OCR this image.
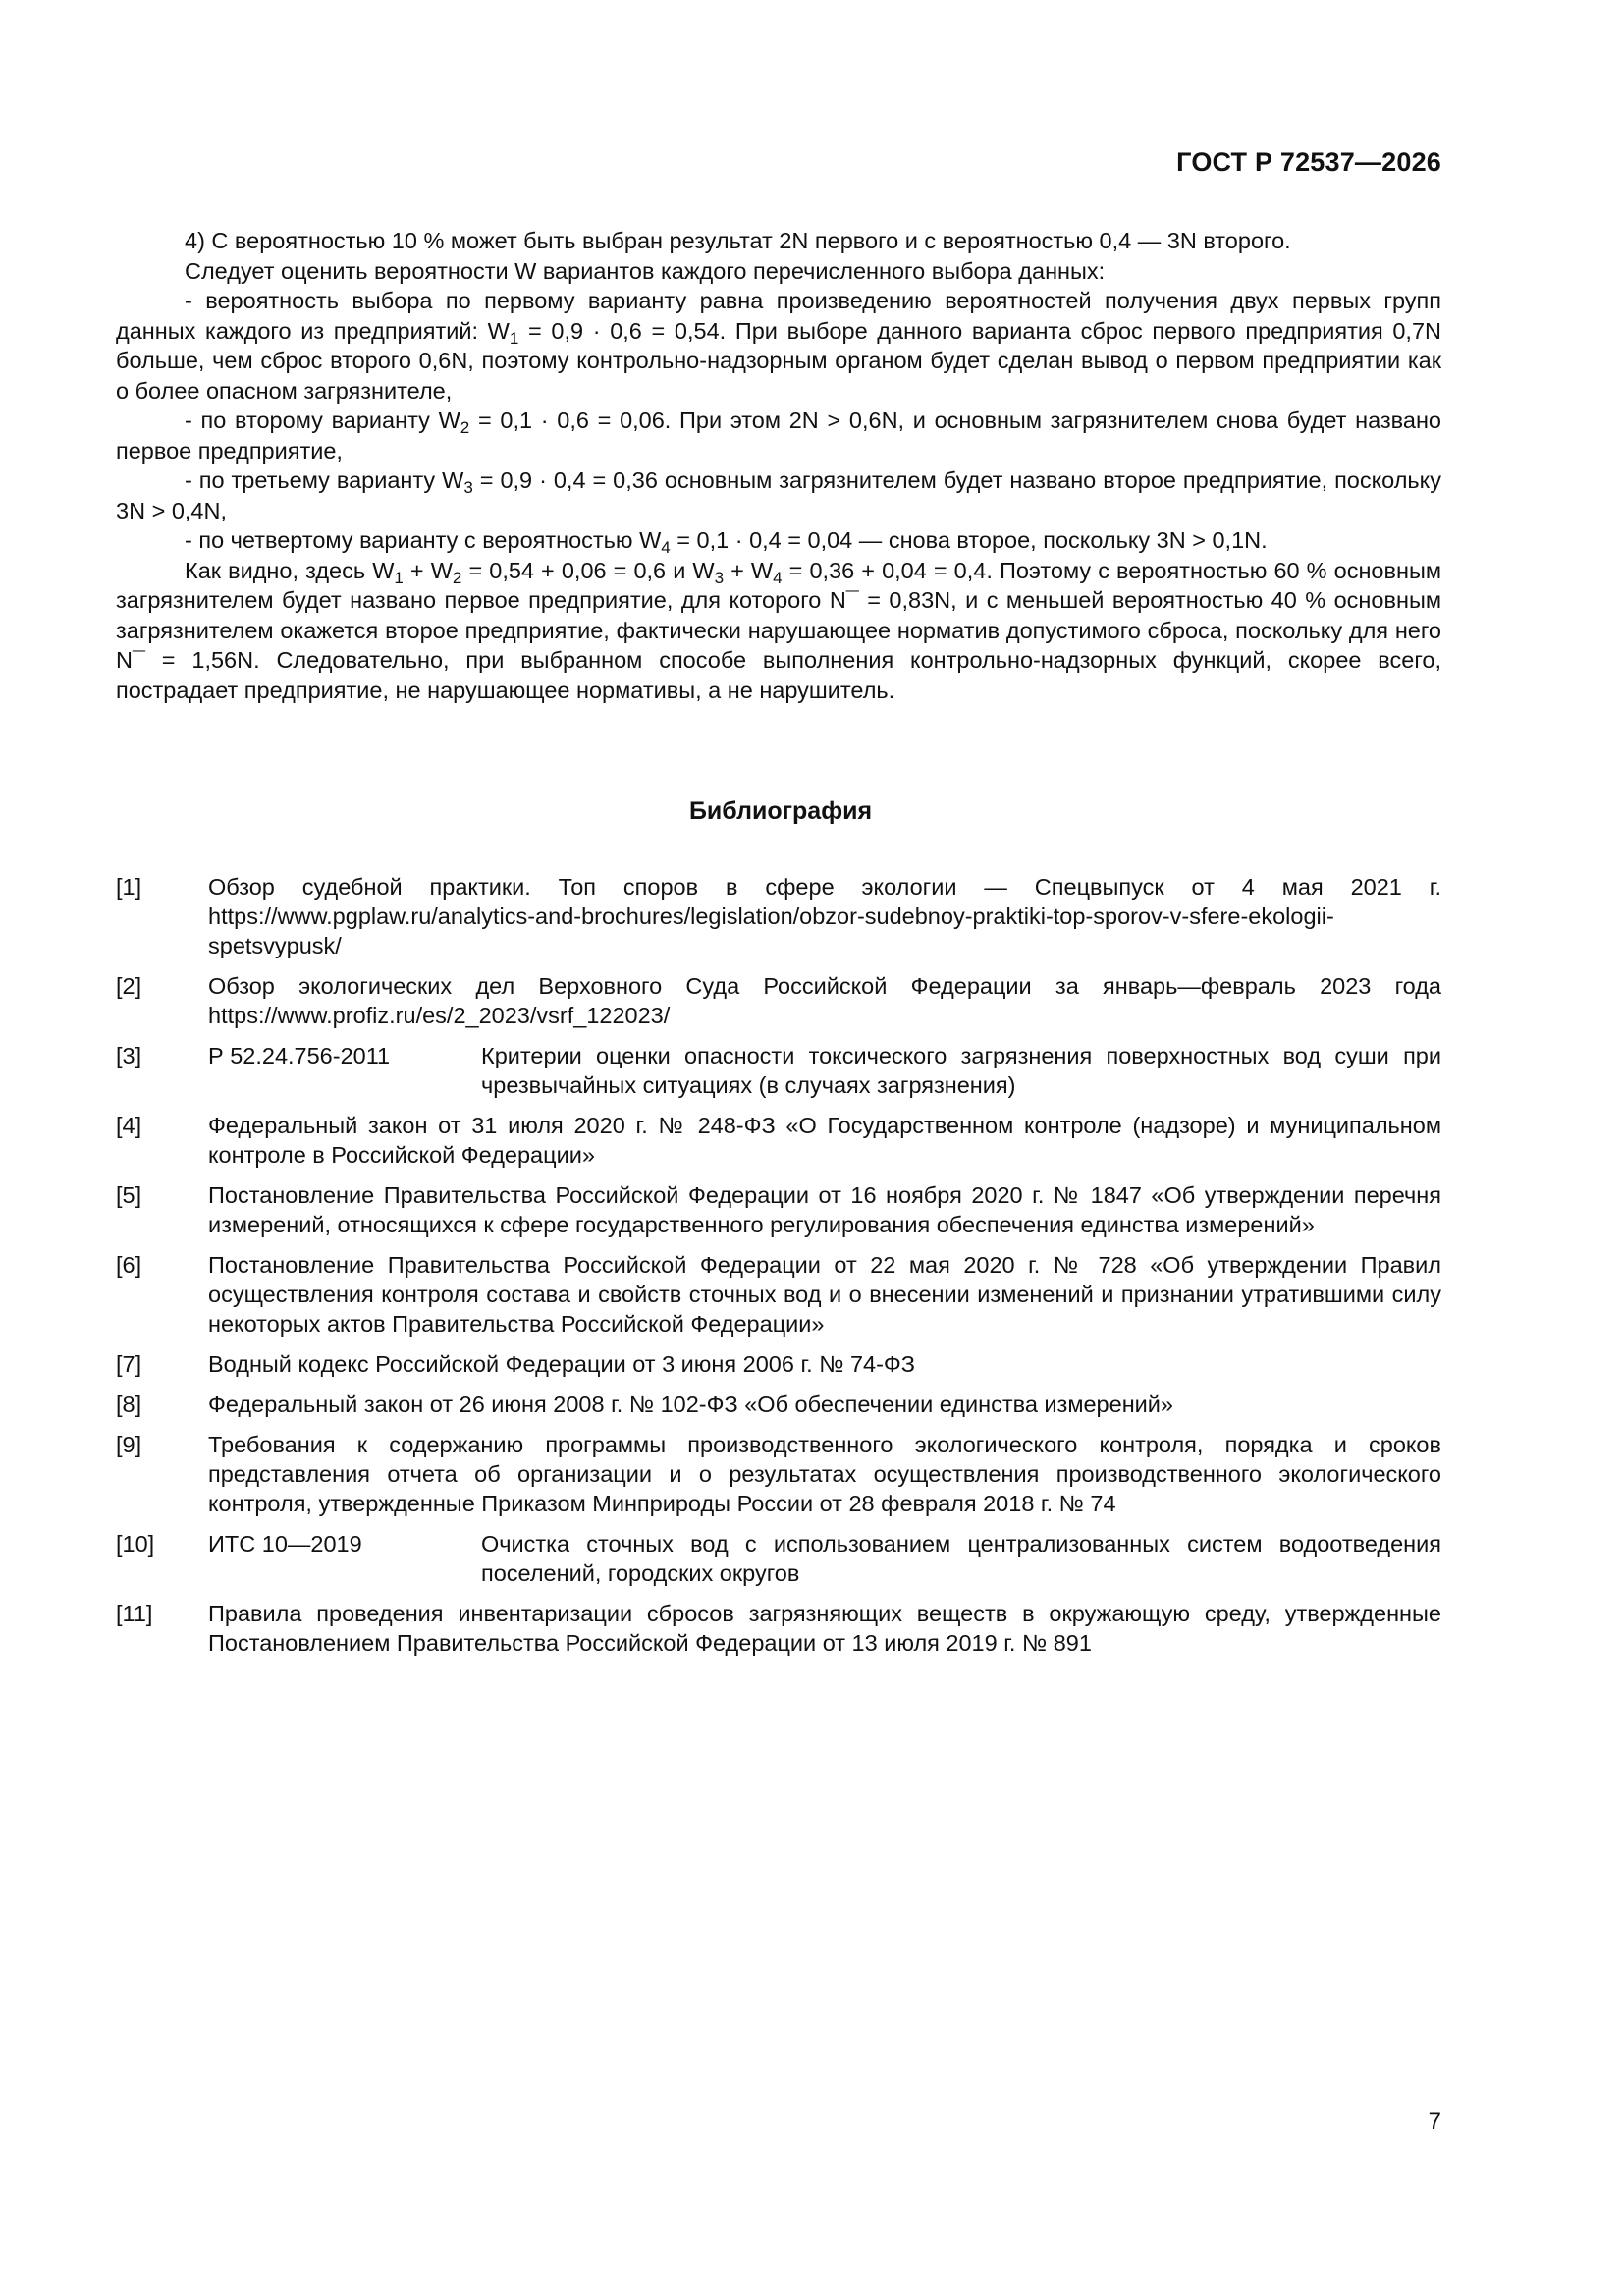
ГОСТ Р 72537—2026

4) С вероятностью 10 % может быть выбран результат 2N первого и с вероятностью 0,4 — 3N второго.

Следует оценить вероятности W вариантов каждого перечисленного выбора данных:

- вероятность выбора по первому варианту равна произведению вероятностей получения двух первых групп данных каждого из предприятий: $W_1 = 0,9 \cdot 0,6 = 0,54$. При выборе данного варианта сброс первого предприятия 0,7N больше, чем сброс второго 0,6N, поэтому контрольно-надзорным органом будет сделан вывод о первом предприятии как о более опасном загрязнителе,

- по второму варианту $W_2 = 0,1 \cdot 0,6 = 0,06$. При этом 2N > 0,6N, и основным загрязнителем снова будет названо первое предприятие,

- по третьему варианту $W_3 = 0,9 \cdot 0,4 = 0,36$ основным загрязнителем будет названо второе предприятие, поскольку 3N > 0,4N,

- по четвертому варианту с вероятностью $W_4 = 0,1 \cdot 0,4 = 0,04$ — снова второе, поскольку 3N > 0,1N.

Как видно, здесь $W_1 + W_2 = 0,54 + 0,06 = 0,6$ и $W_3 + W_4 = 0,36 + 0,04 = 0,4$. Поэтому с вероятностью 60 % основным загрязнителем будет названо первое предприятие, для которого N¯ = 0,83N, и с меньшей вероятностью 40 % основным загрязнителем окажется второе предприятие, фактически нарушающее норматив допустимого сброса, поскольку для него N¯ = 1,56N. Следовательно, при выбранном способе выполнения контрольно-надзорных функций, скорее всего, пострадает предприятие, не нарушающее нормативы, а не нарушитель.

Библиография
[1]	Обзор судебной практики. Топ споров в сфере экологии — Спецвыпуск от 4 мая 2021 г. https://www.pgplaw.ru/analytics-and-brochures/legislation/obzor-sudebnoy-praktiki-top-sporov-v-sfere-ekologii-spetsvypusk/
[2]	Обзор экологических дел Верховного Суда Российской Федерации за январь—февраль 2023 года https://www.profiz.ru/es/2_2023/vsrf_122023/
[3]	Р 52.24.756-2011	Критерии оценки опасности токсического загрязнения поверхностных вод суши при чрезвычайных ситуациях (в случаях загрязнения)
[4]	Федеральный закон от 31 июля 2020 г. № 248-ФЗ «О Государственном контроле (надзоре) и муниципальном контроле в Российской Федерации»
[5]	Постановление Правительства Российской Федерации от 16 ноября 2020 г. № 1847 «Об утверждении перечня измерений, относящихся к сфере государственного регулирования обеспечения единства измерений»
[6]	Постановление Правительства Российской Федерации от 22 мая 2020 г. № 728 «Об утверждении Правил осуществления контроля состава и свойств сточных вод и о внесении изменений и признании утратившими силу некоторых актов Правительства Российской Федерации»
[7]	Водный кодекс Российской Федерации от 3 июня 2006 г. № 74-ФЗ
[8]	Федеральный закон от 26 июня 2008 г. № 102-ФЗ «Об обеспечении единства измерений»
[9]	Требования к содержанию программы производственного экологического контроля, порядка и сроков представления отчета об организации и о результатах осуществления производственного экологического контроля, утвержденные Приказом Минприроды России от 28 февраля 2018 г. № 74
[10]	ИТС 10—2019	Очистка сточных вод с использованием централизованных систем водоотведения поселений, городских округов
[11]	Правила проведения инвентаризации сбросов загрязняющих веществ в окружающую среду, утвержденные Постановлением Правительства Российской Федерации от 13 июля 2019 г. № 891
7
